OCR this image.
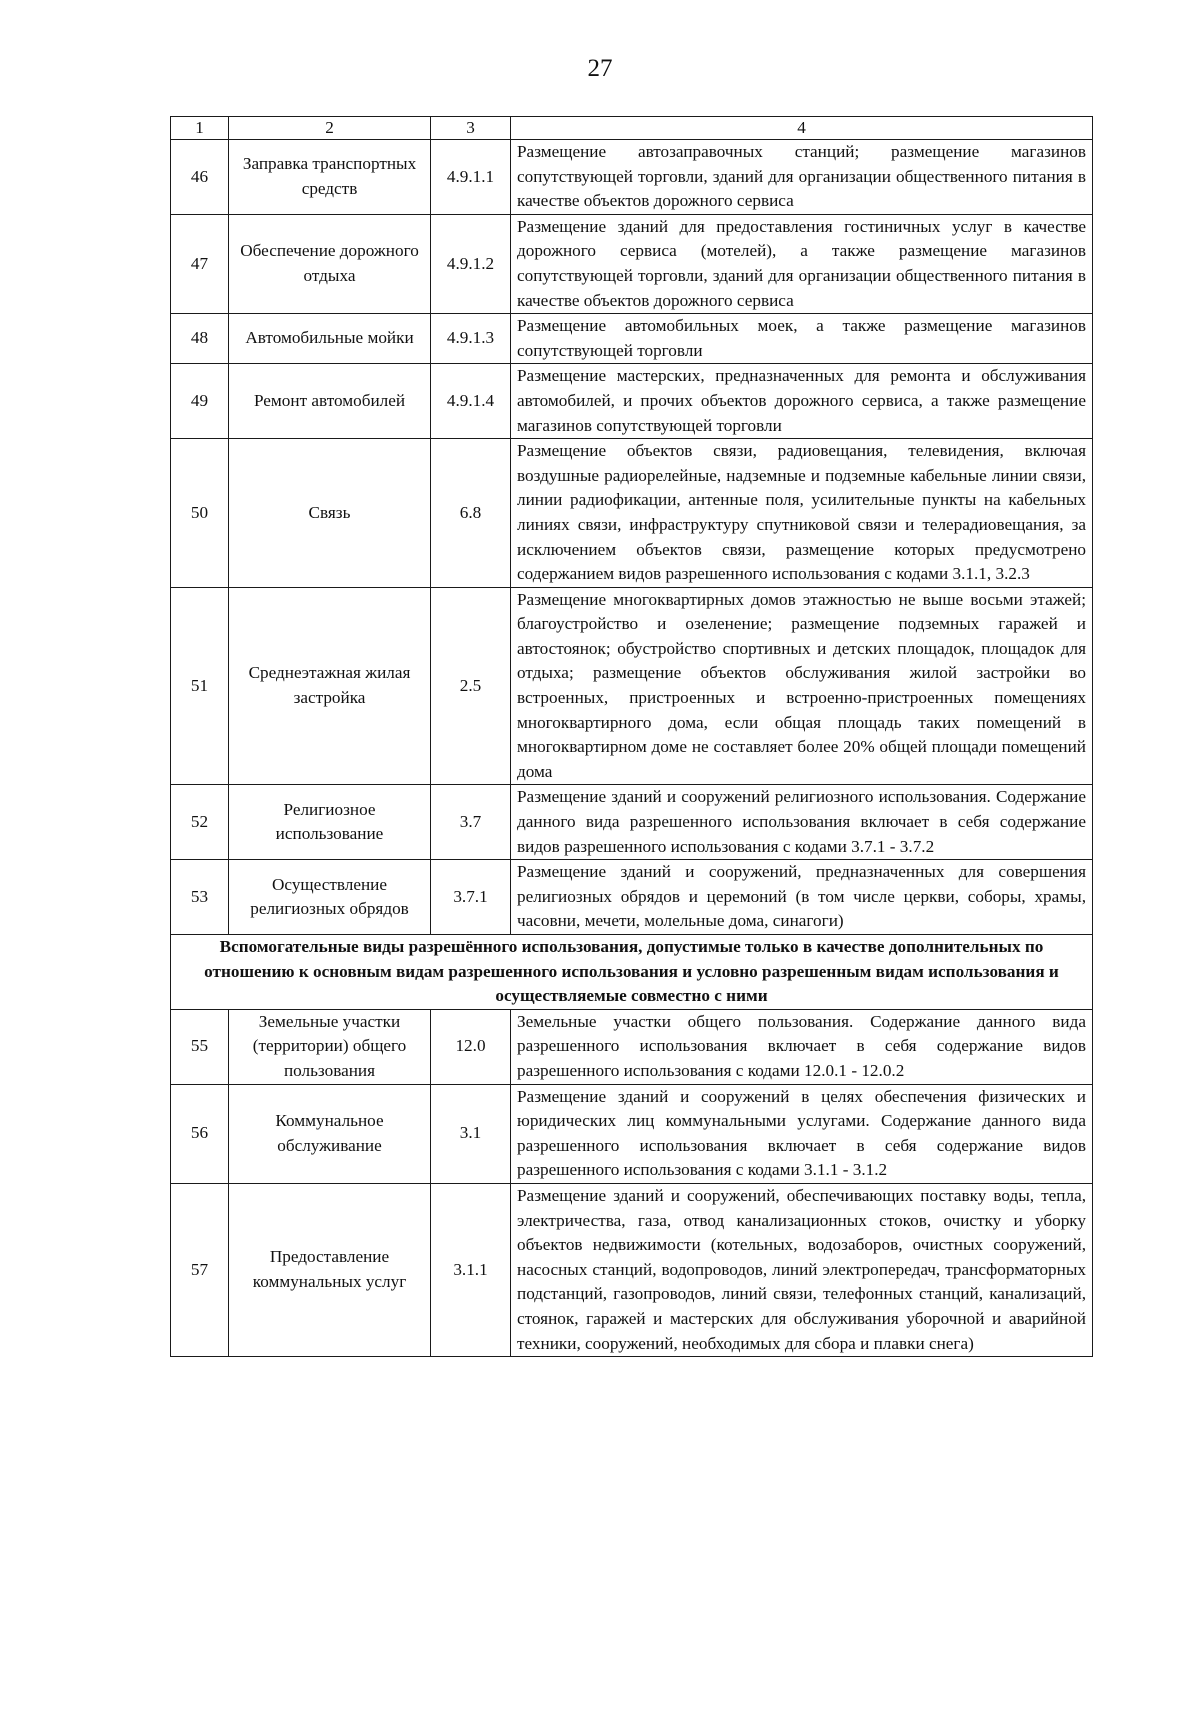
27
1	2	3	4
46	Заправка транспортных средств	4.9.1.1	Размещение автозаправочных станций; размещение магазинов сопутствующей торговли, зданий для организации общественного питания в качестве объектов дорожного сервиса
47	Обеспечение дорожного отдыха	4.9.1.2	Размещение зданий для предоставления гостиничных услуг в качестве дорожного сервиса (мотелей), а также размещение магазинов сопутствующей торговли, зданий для организации общественного питания в качестве объектов дорожного сервиса
48	Автомобильные мойки	4.9.1.3	Размещение автомобильных моек, а также размещение магазинов сопутствующей торговли
49	Ремонт автомобилей	4.9.1.4	Размещение мастерских, предназначенных для ремонта и обслуживания автомобилей, и прочих объектов дорожного сервиса, а также размещение магазинов сопутствующей торговли
50	Связь	6.8	Размещение объектов связи, радиовещания, телевидения, включая воздушные радиорелейные, надземные и подземные кабельные линии связи, линии радиофикации, антенные поля, усилительные пункты на кабельных линиях связи, инфраструктуру спутниковой связи и телерадиовещания, за исключением объектов связи, размещение которых предусмотрено содержанием видов разрешенного использования с кодами 3.1.1, 3.2.3
51	Среднеэтажная жилая застройка	2.5	Размещение многоквартирных домов этажностью не выше восьми этажей; благоустройство и озеленение; размещение подземных гаражей и автостоянок; обустройство спортивных и детских площадок, площадок для отдыха; размещение объектов обслуживания жилой застройки во встроенных, пристроенных и встроенно-пристроенных помещениях многоквартирного дома, если общая площадь таких помещений в многоквартирном доме не составляет более 20% общей площади помещений дома
52	Религиозное использование	3.7	Размещение зданий и сооружений религиозного использования. Содержание данного вида разрешенного использования включает в себя содержание видов разрешенного использования с кодами 3.7.1 - 3.7.2
53	Осуществление религиозных обрядов	3.7.1	Размещение зданий и сооружений, предназначенных для совершения религиозных обрядов и церемоний (в том числе церкви, соборы, храмы, часовни, мечети, молельные дома, синагоги)
Вспомогательные виды разрешённого использования, допустимые только в качестве дополнительных по отношению к основным видам разрешенного использования и условно разрешенным видам использования и осуществляемые совместно с ними			
55	Земельные участки (территории) общего пользования	12.0	Земельные участки общего пользования. Содержание данного вида разрешенного использования включает в себя содержание видов разрешенного использования с кодами 12.0.1 - 12.0.2
56	Коммунальное обслуживание	3.1	Размещение зданий и сооружений в целях обеспечения физических и юридических лиц коммунальными услугами. Содержание данного вида разрешенного использования включает в себя содержание видов разрешенного использования с кодами 3.1.1 - 3.1.2
57	Предоставление коммунальных услуг	3.1.1	Размещение зданий и сооружений, обеспечивающих поставку воды, тепла, электричества, газа, отвод канализационных стоков, очистку и уборку объектов недвижимости (котельных, водозаборов, очистных сооружений, насосных станций, водопроводов, линий электропередач, трансформаторных подстанций, газопроводов, линий связи, телефонных станций, канализаций, стоянок, гаражей и мастерских для обслуживания уборочной и аварийной техники, сооружений, необходимых для сбора и плавки снега)
